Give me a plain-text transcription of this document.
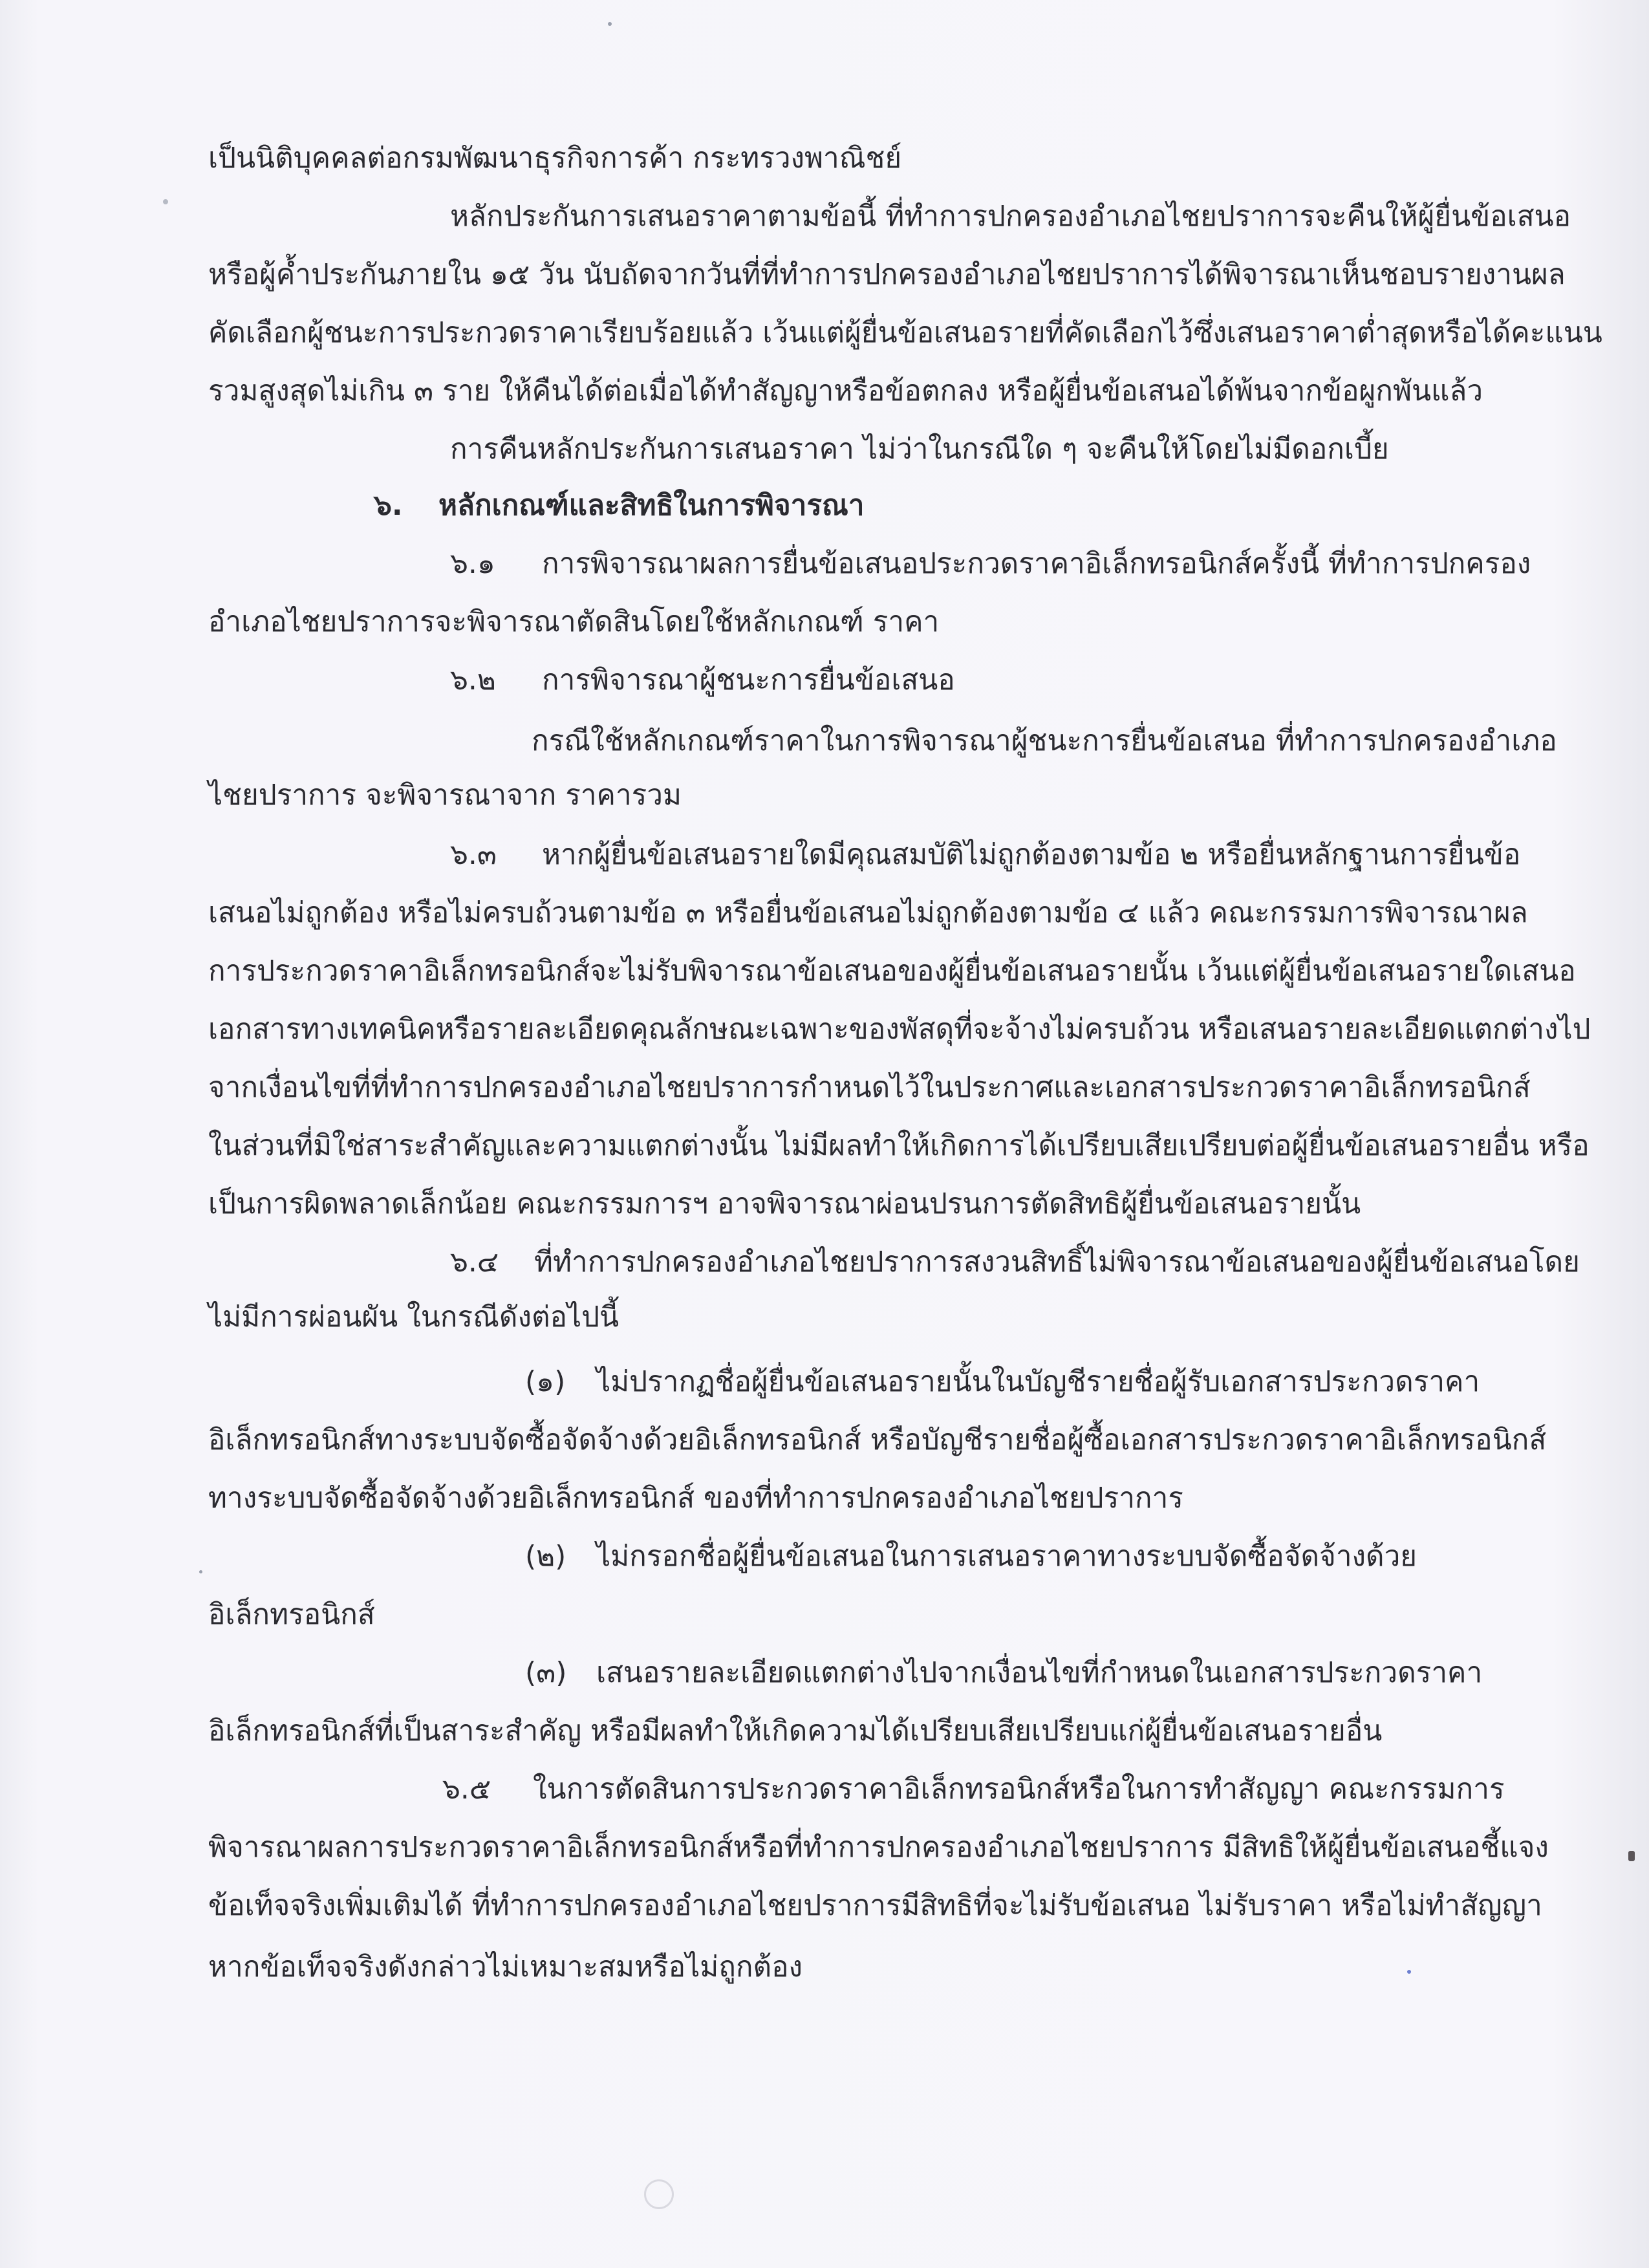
เป็นนิติบุคคลต่อกรมพัฒนาธุรกิจการค้า กระทรวงพาณิชย์
หลักประกันการเสนอราคาตามข้อนี้ ที่ทำการปกครองอำเภอไชยปราการจะคืนให้ผู้ยื่นข้อเสนอ
หรือผู้ค้ำประกันภายใน ๑๕ วัน นับถัดจากวันที่ที่ทำการปกครองอำเภอไชยปราการได้พิจารณาเห็นชอบรายงานผล
คัดเลือกผู้ชนะการประกวดราคาเรียบร้อยแล้ว เว้นแต่ผู้ยื่นข้อเสนอรายที่คัดเลือกไว้ซึ่งเสนอราคาต่ำสุดหรือได้คะแนน
รวมสูงสุดไม่เกิน ๓ ราย ให้คืนได้ต่อเมื่อได้ทำสัญญาหรือข้อตกลง หรือผู้ยื่นข้อเสนอได้พ้นจากข้อผูกพันแล้ว
การคืนหลักประกันการเสนอราคา ไม่ว่าในกรณีใด ๆ จะคืนให้โดยไม่มีดอกเบี้ย
๖. หลักเกณฑ์และสิทธิในการพิจารณา
๖.๑ การพิจารณาผลการยื่นข้อเสนอประกวดราคาอิเล็กทรอนิกส์ครั้งนี้ ที่ทำการปกครอง
อำเภอไชยปราการจะพิจารณาตัดสินโดยใช้หลักเกณฑ์ ราคา
๖.๒ การพิจารณาผู้ชนะการยื่นข้อเสนอ
กรณีใช้หลักเกณฑ์ราคาในการพิจารณาผู้ชนะการยื่นข้อเสนอ ที่ทำการปกครองอำเภอ
ไชยปราการ จะพิจารณาจาก ราคารวม
๖.๓ หากผู้ยื่นข้อเสนอรายใดมีคุณสมบัติไม่ถูกต้องตามข้อ ๒ หรือยื่นหลักฐานการยื่นข้อ
เสนอไม่ถูกต้อง หรือไม่ครบถ้วนตามข้อ ๓ หรือยื่นข้อเสนอไม่ถูกต้องตามข้อ ๔ แล้ว คณะกรรมการพิจารณาผล
การประกวดราคาอิเล็กทรอนิกส์จะไม่รับพิจารณาข้อเสนอของผู้ยื่นข้อเสนอรายนั้น เว้นแต่ผู้ยื่นข้อเสนอรายใดเสนอ
เอกสารทางเทคนิคหรือรายละเอียดคุณลักษณะเฉพาะของพัสดุที่จะจ้างไม่ครบถ้วน หรือเสนอรายละเอียดแตกต่างไป
จากเงื่อนไขที่ที่ทำการปกครองอำเภอไชยปราการกำหนดไว้ในประกาศและเอกสารประกวดราคาอิเล็กทรอนิกส์
ในส่วนที่มิใช่สาระสำคัญและความแตกต่างนั้น ไม่มีผลทำให้เกิดการได้เปรียบเสียเปรียบต่อผู้ยื่นข้อเสนอรายอื่น หรือ
เป็นการผิดพลาดเล็กน้อย คณะกรรมการฯ อาจพิจารณาผ่อนปรนการตัดสิทธิผู้ยื่นข้อเสนอรายนั้น
๖.๔ ที่ทำการปกครองอำเภอไชยปราการสงวนสิทธิ์ไม่พิจารณาข้อเสนอของผู้ยื่นข้อเสนอโดย
ไม่มีการผ่อนผัน ในกรณีดังต่อไปนี้
(๑) ไม่ปรากฏชื่อผู้ยื่นข้อเสนอรายนั้นในบัญชีรายชื่อผู้รับเอกสารประกวดราคา
อิเล็กทรอนิกส์ทางระบบจัดซื้อจัดจ้างด้วยอิเล็กทรอนิกส์ หรือบัญชีรายชื่อผู้ซื้อเอกสารประกวดราคาอิเล็กทรอนิกส์
ทางระบบจัดซื้อจัดจ้างด้วยอิเล็กทรอนิกส์ ของที่ทำการปกครองอำเภอไชยปราการ
(๒) ไม่กรอกชื่อผู้ยื่นข้อเสนอในการเสนอราคาทางระบบจัดซื้อจัดจ้างด้วย
อิเล็กทรอนิกส์
(๓) เสนอรายละเอียดแตกต่างไปจากเงื่อนไขที่กำหนดในเอกสารประกวดราคา
อิเล็กทรอนิกส์ที่เป็นสาระสำคัญ หรือมีผลทำให้เกิดความได้เปรียบเสียเปรียบแก่ผู้ยื่นข้อเสนอรายอื่น
๖.๕ ในการตัดสินการประกวดราคาอิเล็กทรอนิกส์หรือในการทำสัญญา คณะกรรมการ
พิจารณาผลการประกวดราคาอิเล็กทรอนิกส์หรือที่ทำการปกครองอำเภอไชยปราการ มีสิทธิให้ผู้ยื่นข้อเสนอชี้แจง
ข้อเท็จจริงเพิ่มเติมได้ ที่ทำการปกครองอำเภอไชยปราการมีสิทธิที่จะไม่รับข้อเสนอ ไม่รับราคา หรือไม่ทำสัญญา
หากข้อเท็จจริงดังกล่าวไม่เหมาะสมหรือไม่ถูกต้อง
